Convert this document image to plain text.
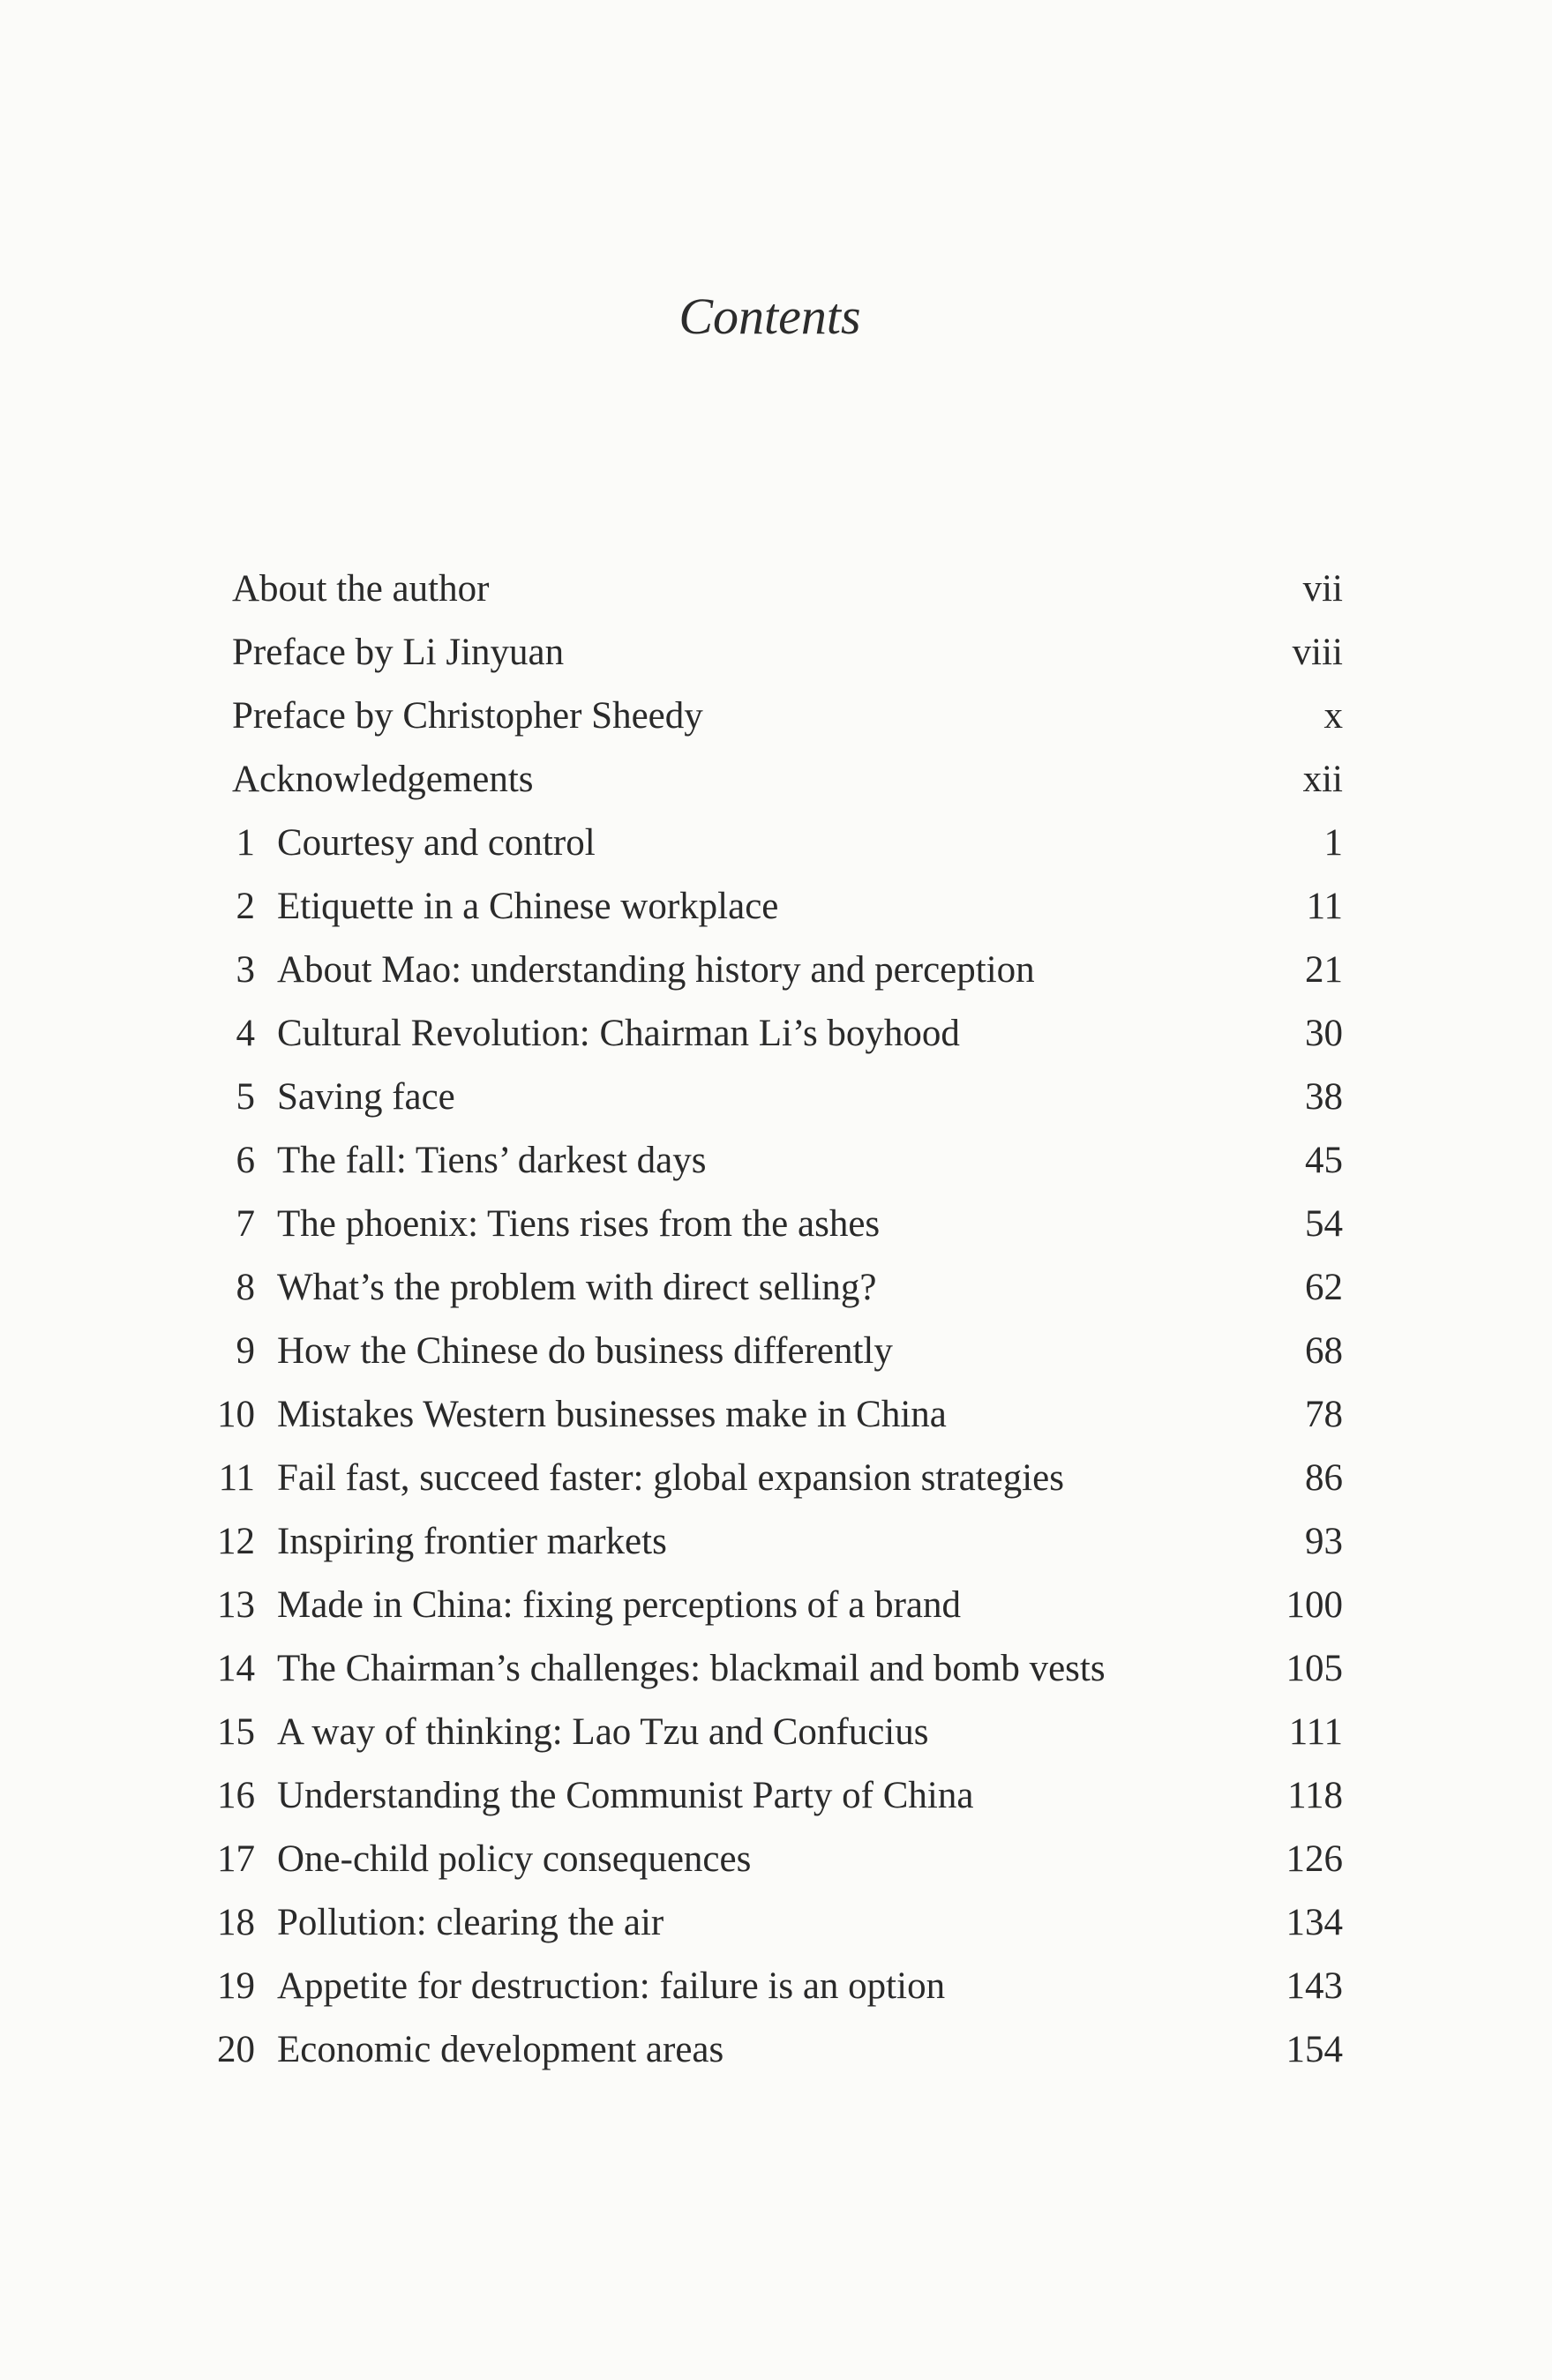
Contents
About the author	vii
Preface by Li Jinyuan	viii
Preface by Christopher Sheedy	x
Acknowledgements	xii
1 Courtesy and control	1
2 Etiquette in a Chinese workplace	11
3 About Mao: understanding history and perception	21
4 Cultural Revolution: Chairman Li’s boyhood	30
5 Saving face	38
6 The fall: Tiens’ darkest days	45
7 The phoenix: Tiens rises from the ashes	54
8 What’s the problem with direct selling?	62
9 How the Chinese do business differently	68
10 Mistakes Western businesses make in China	78
11 Fail fast, succeed faster: global expansion strategies	86
12 Inspiring frontier markets	93
13 Made in China: fixing perceptions of a brand	100
14 The Chairman’s challenges: blackmail and bomb vests	105
15 A way of thinking: Lao Tzu and Confucius	111
16 Understanding the Communist Party of China	118
17 One-child policy consequences	126
18 Pollution: clearing the air	134
19 Appetite for destruction: failure is an option	143
20 Economic development areas	154
